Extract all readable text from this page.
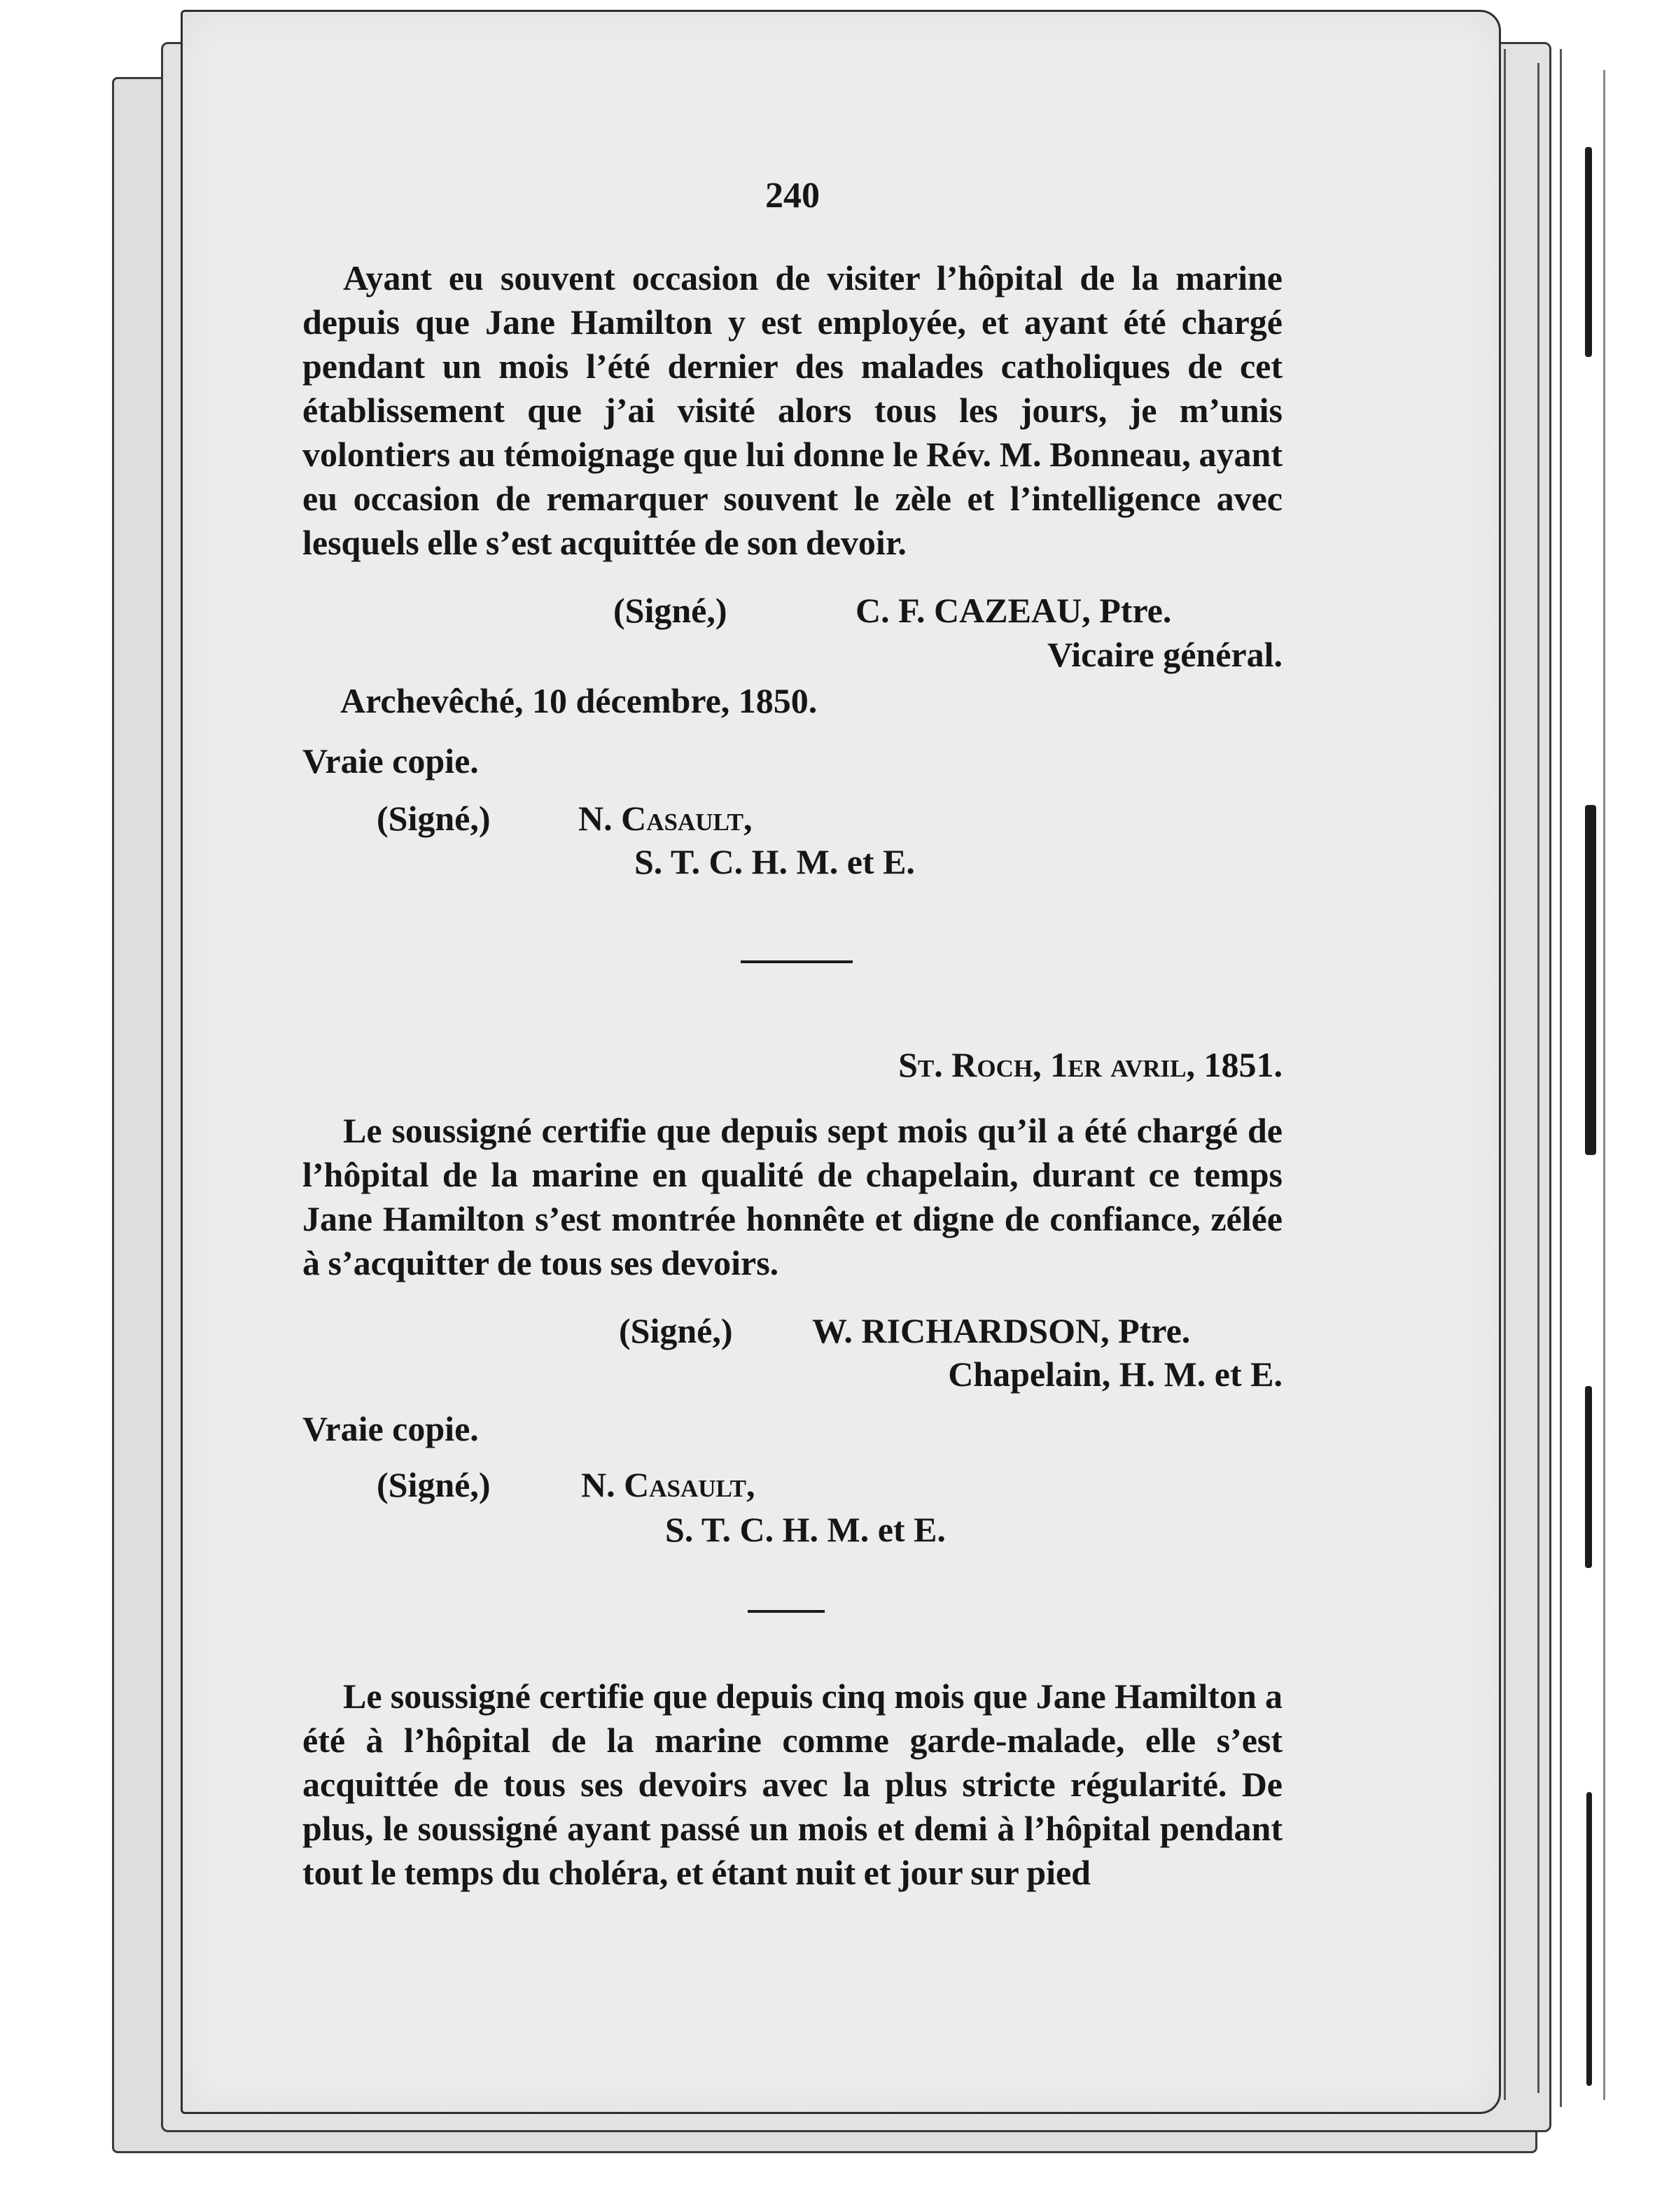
240

Ayant eu souvent occasion de visiter l’hôpital de la marine depuis que Jane Hamilton y est employée, et ayant été chargé pendant un mois l’été dernier des malades catholiques de cet établissement que j’ai visité alors tous les jours, je m’unis volontiers au témoignage que lui donne le Rév. M. Bonneau, ayant eu occasion de remarquer souvent le zèle et l’intelligence avec lesquels elle s’est acquittée de son devoir.

(Signé,)	C. F. CAZEAU, Ptre.
Vicaire général.
Archevêché, 10 décembre, 1850.
Vraie copie.
(Signé,)	N. Casault,
S. T. C. H. M. et E.
St. Roch, 1er avril, 1851.

Le soussigné certifie que depuis sept mois qu’il a été chargé de l’hôpital de la marine en qualité de chapelain, durant ce temps Jane Hamilton s’est montrée honnête et digne de confiance, zélée à s’acquitter de tous ses devoirs.

(Signé,) W. RICHARDSON, Ptre.
Chapelain, H. M. et E.
Vraie copie.
(Signé,)	N. Casault,
S. T. C. H. M. et E.

Le soussigné certifie que depuis cinq mois que Jane Hamilton a été à l’hôpital de la marine comme garde-malade, elle s’est acquittée de tous ses devoirs avec la plus stricte régularité. De plus, le soussigné ayant passé un mois et demi à l’hôpital pendant tout le temps du choléra, et étant nuit et jour sur pied
